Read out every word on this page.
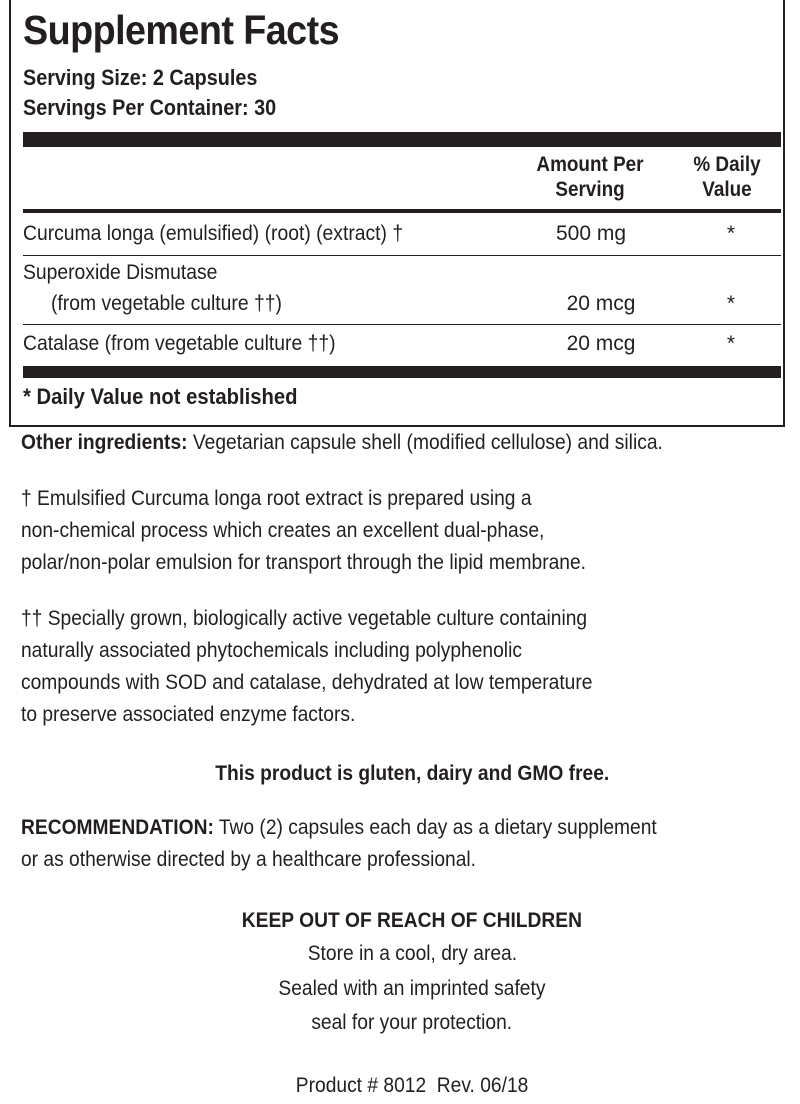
Supplement Facts
Serving Size: 2 Capsules
Servings Per Container: 30
Amount Per
Serving
% Daily
Value
Curcuma longa (emulsified) (root) (extract) †	500 mg	*
Superoxide Dismutase
(from vegetable culture ††)	20 mcg	*
Catalase (from vegetable culture ††)	20 mcg	*
* Daily Value not established
Other ingredients: Vegetarian capsule shell (modified cellulose) and silica.
† Emulsified Curcuma longa root extract is prepared using a
non-chemical process which creates an excellent dual-phase,
polar/non-polar emulsion for transport through the lipid membrane.
†† Specially grown, biologically active vegetable culture containing
naturally associated phytochemicals including polyphenolic
compounds with SOD and catalase, dehydrated at low temperature
to preserve associated enzyme factors.
This product is gluten, dairy and GMO free.
RECOMMENDATION: Two (2) capsules each day as a dietary supplement
or as otherwise directed by a healthcare professional.
KEEP OUT OF REACH OF CHILDREN
Store in a cool, dry area.
Sealed with an imprinted safety
seal for your protection.
Product # 8012  Rev. 06/18
